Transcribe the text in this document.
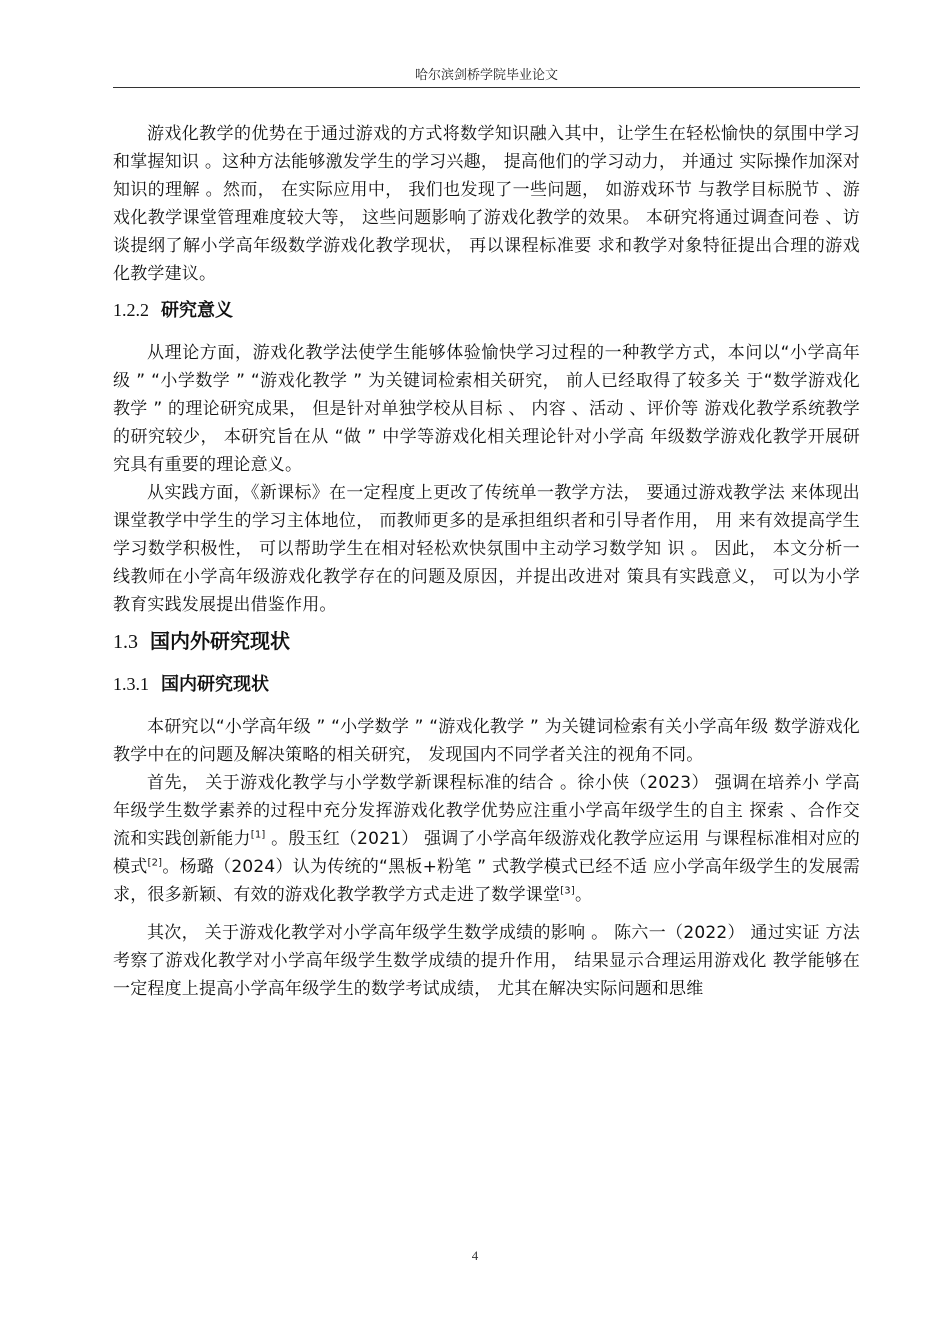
哈尔滨剑桥学院毕业论文

游戏化教学的优势在于通过游戏的方式将数学知识融入其中，让学生在轻松愉快的氛围中学习和掌握知识 。这种方法能够激发学生的学习兴趣， 提高他们的学习动力， 并通过 实际操作加深对知识的理解 。然而， 在实际应用中， 我们也发现了一些问题， 如游戏环节 与教学目标脱节 、游戏化教学课堂管理难度较大等， 这些问题影响了游戏化教学的效果。 本研究将通过调查问卷 、访谈提纲了解小学高年级数学游戏化教学现状， 再以课程标准要 求和教学对象特征提出合理的游戏化教学建议。

1.2.2 研究意义

从理论方面，游戏化教学法使学生能够体验愉快学习过程的一种教学方式，本问以“小学高年级 ” “小学数学 ” “游戏化教学 ” 为关键词检索相关研究， 前人已经取得了较多关 于“数学游戏化教学 ” 的理论研究成果， 但是针对单独学校从目标 、 内容 、活动 、评价等 游戏化教学系统教学的研究较少， 本研究旨在从 “做 ” 中学等游戏化相关理论针对小学高 年级数学游戏化教学开展研究具有重要的理论意义。

从实践方面，《新课标》在一定程度上更改了传统单一教学方法， 要通过游戏教学法 来体现出课堂教学中学生的学习主体地位， 而教师更多的是承担组织者和引导者作用， 用 来有效提高学生学习数学积极性， 可以帮助学生在相对轻松欢快氛围中主动学习数学知 识 。 因此， 本文分析一线教师在小学高年级游戏化教学存在的问题及原因，并提出改进对 策具有实践意义， 可以为小学教育实践发展提出借鉴作用。

1.3 国内外研究现状
1.3.1 国内研究现状

本研究以“小学高年级 ” “小学数学 ” “游戏化教学 ” 为关键词检索有关小学高年级 数学游戏化教学中在的问题及解决策略的相关研究， 发现国内不同学者关注的视角不同。

首先， 关于游戏化教学与小学数学新课程标准的结合 。徐小侠（2023） 强调在培养小 学高年级学生数学素养的过程中充分发挥游戏化教学优势应注重小学高年级学生的自主 探索 、合作交流和实践创新能力[1] 。殷玉红（2021） 强调了小学高年级游戏化教学应运用 与课程标准相对应的模式[2]。杨璐（2024）认为传统的“黑板+粉笔 ” 式教学模式已经不适 应小学高年级学生的发展需求，很多新颖、有效的游戏化教学教学方式走进了数学课堂[3]。

其次， 关于游戏化教学对小学高年级学生数学成绩的影响 。 陈六一（2022） 通过实证 方法考察了游戏化教学对小学高年级学生数学成绩的提升作用， 结果显示合理运用游戏化 教学能够在一定程度上提高小学高年级学生的数学考试成绩， 尤其在解决实际问题和思维

4
